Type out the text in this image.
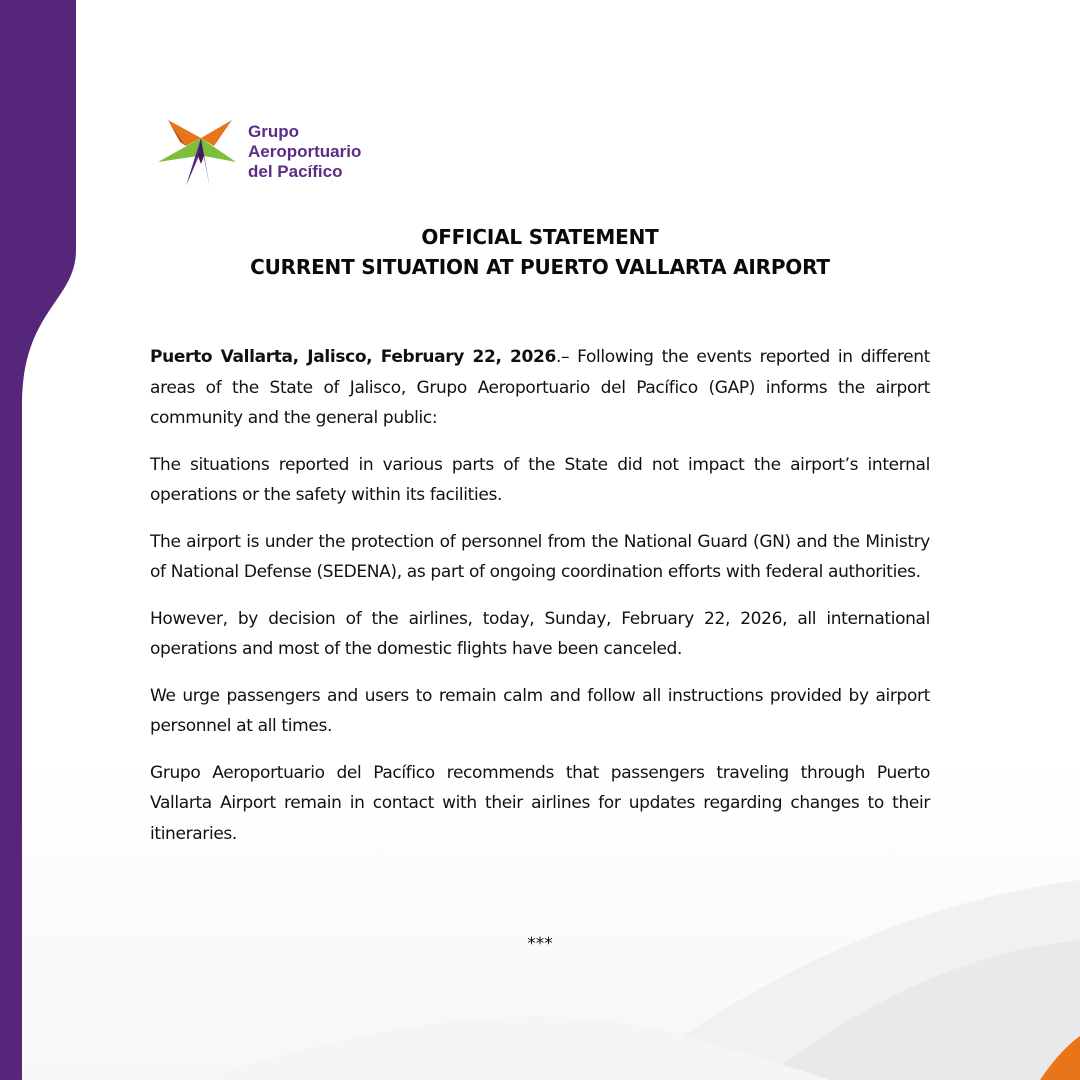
Grupo
Aeroportuario
del Pacífico
OFFICIAL STATEMENT
CURRENT SITUATION AT PUERTO VALLARTA AIRPORT

Puerto Vallarta, Jalisco, February 22, 2026.– Following the events reported in different areas of the State of Jalisco, Grupo Aeroportuario del Pacífico (GAP) informs the airport community and the general public:

The situations reported in various parts of the State did not impact the airport’s internal operations or the safety within its facilities.

The airport is under the protection of personnel from the National Guard (GN) and the Ministry of National Defense (SEDENA), as part of ongoing coordination efforts with federal authorities.

However, by decision of the airlines, today, Sunday, February 22, 2026, all international operations and most of the domestic flights have been canceled.

We urge passengers and users to remain calm and follow all instructions provided by airport personnel at all times.

Grupo Aeroportuario del Pacífico recommends that passengers traveling through Puerto Vallarta Airport remain in contact with their airlines for updates regarding changes to their itineraries.

***
